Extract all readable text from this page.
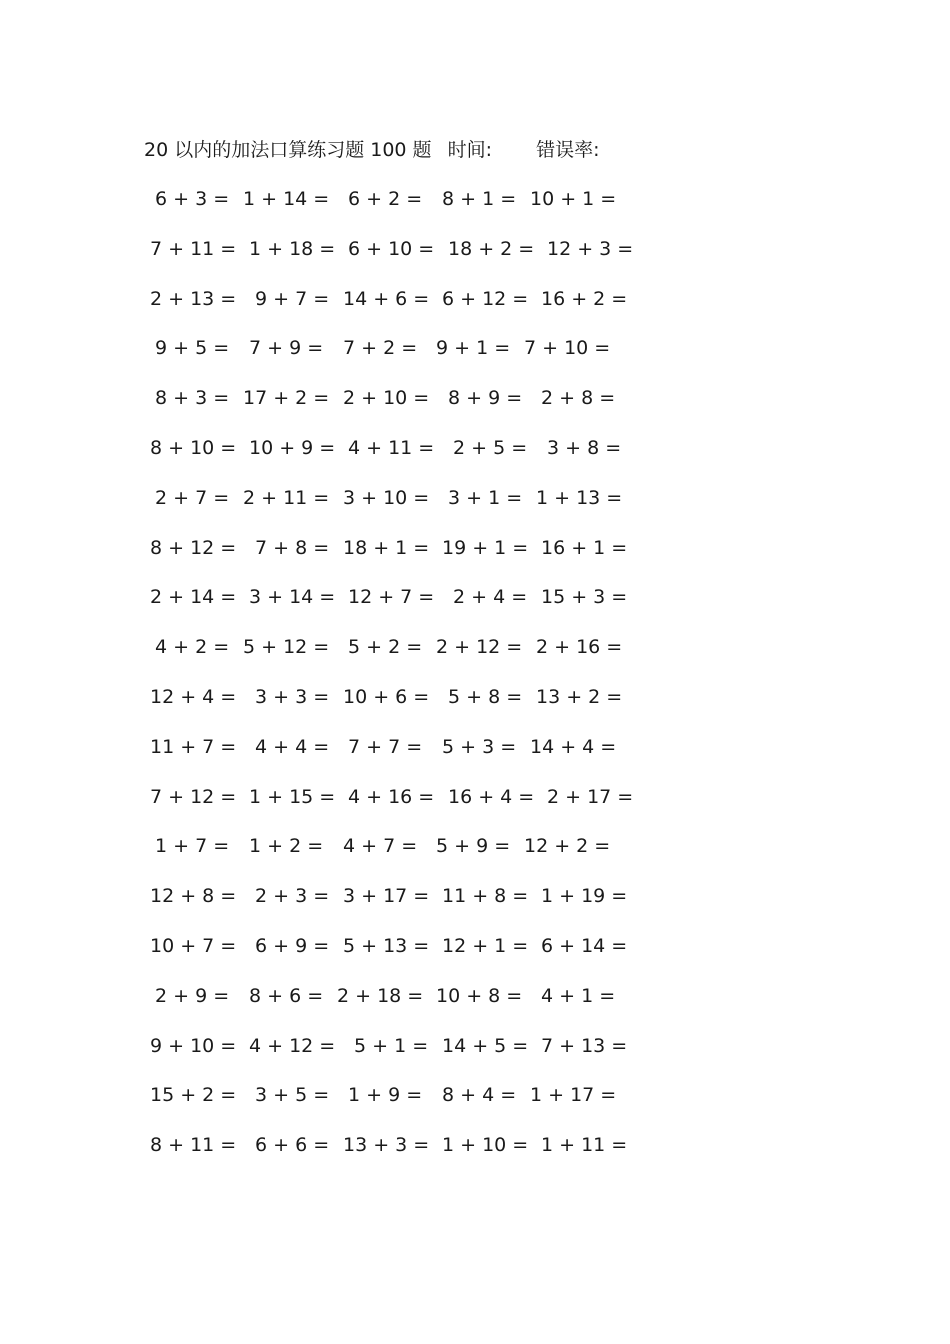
20 以内的加法口算练习题 100 题 时间: 错误率:
6 + 3 = 1 + 14 = 6 + 2 = 8 + 1 = 10 + 1 =
7 + 11 = 1 + 18 = 6 + 10 = 18 + 2 = 12 + 3 =
2 + 13 = 9 + 7 = 14 + 6 = 6 + 12 = 16 + 2 =
9 + 5 = 7 + 9 = 7 + 2 = 9 + 1 = 7 + 10 =
8 + 3 = 17 + 2 = 2 + 10 = 8 + 9 = 2 + 8 =
8 + 10 = 10 + 9 = 4 + 11 = 2 + 5 = 3 + 8 =
2 + 7 = 2 + 11 = 3 + 10 = 3 + 1 = 1 + 13 =
8 + 12 = 7 + 8 = 18 + 1 = 19 + 1 = 16 + 1 =
2 + 14 = 3 + 14 = 12 + 7 = 2 + 4 = 15 + 3 =
4 + 2 = 5 + 12 = 5 + 2 = 2 + 12 = 2 + 16 =
12 + 4 = 3 + 3 = 10 + 6 = 5 + 8 = 13 + 2 =
11 + 7 = 4 + 4 = 7 + 7 = 5 + 3 = 14 + 4 =
7 + 12 = 1 + 15 = 4 + 16 = 16 + 4 = 2 + 17 =
1 + 7 = 1 + 2 = 4 + 7 = 5 + 9 = 12 + 2 =
12 + 8 = 2 + 3 = 3 + 17 = 11 + 8 = 1 + 19 =
10 + 7 = 6 + 9 = 5 + 13 = 12 + 1 = 6 + 14 =
2 + 9 = 8 + 6 = 2 + 18 = 10 + 8 = 4 + 1 =
9 + 10 = 4 + 12 = 5 + 1 = 14 + 5 = 7 + 13 =
15 + 2 = 3 + 5 = 1 + 9 = 8 + 4 = 1 + 17 =
8 + 11 = 6 + 6 = 13 + 3 = 1 + 10 = 1 + 11 =
